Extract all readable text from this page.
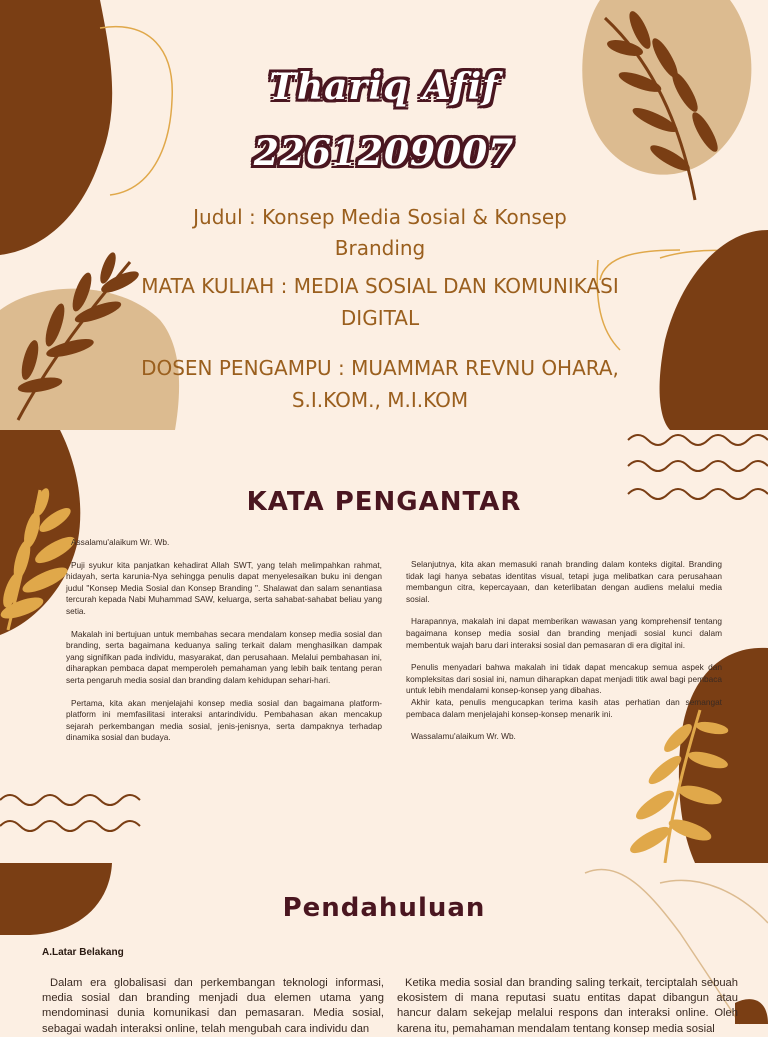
Thariq Afif
2261209007
Judul : Konsep Media Sosial & Konsep Branding
MATA KULIAH : MEDIA SOSIAL DAN KOMUNIKASI DIGITAL
DOSEN PENGAMPU : MUAMMAR REVNU OHARA, S.I.KOM., M.I.KOM
KATA PENGANTAR

Assalamu'alaikum Wr. Wb.

Puji syukur kita panjatkan kehadirat Allah SWT, yang telah melimpahkan rahmat, hidayah, serta karunia-Nya sehingga penulis dapat menyelesaikan buku ini dengan judul "Konsep Media Sosial dan Konsep Branding ". Shalawat dan salam senantiasa tercurah kepada Nabi Muhammad SAW, keluarga, serta sahabat-sahabat beliau yang setia.

Makalah ini bertujuan untuk membahas secara mendalam konsep media sosial dan branding, serta bagaimana keduanya saling terkait dalam menghasilkan dampak yang signifikan pada individu, masyarakat, dan perusahaan. Melalui pembahasan ini, diharapkan pembaca dapat memperoleh pemahaman yang lebih baik tentang peran serta pengaruh media sosial dan branding dalam kehidupan sehari-hari.

Pertama, kita akan menjelajahi konsep media sosial dan bagaimana platform-platform ini memfasilitasi interaksi antarindividu. Pembahasan akan mencakup sejarah perkembangan media sosial, jenis-jenisnya, serta dampaknya terhadap dinamika sosial dan budaya.

Selanjutnya, kita akan memasuki ranah branding dalam konteks digital. Branding tidak lagi hanya sebatas identitas visual, tetapi juga melibatkan cara perusahaan membangun citra, kepercayaan, dan keterlibatan dengan audiens melalui media sosial.

Harapannya, makalah ini dapat memberikan wawasan yang komprehensif tentang bagaimana konsep media sosial dan branding menjadi sosial kunci dalam membentuk wajah baru dari interaksi sosial dan pemasaran di era digital ini.

Penulis menyadari bahwa makalah ini tidak dapat mencakup semua aspek dan kompleksitas dari sosial ini, namun diharapkan dapat menjadi titik awal bagi pembaca untuk lebih mendalami konsep-konsep yang dibahas.

Akhir kata, penulis mengucapkan terima kasih atas perhatian dan semangat pembaca dalam menjelajahi konsep-konsep menarik ini.

Wassalamu'alaikum Wr. Wb.

Pendahuluan
A.Latar Belakang

Dalam era globalisasi dan perkembangan teknologi informasi, media sosial dan branding menjadi dua elemen utama yang mendominasi dunia komunikasi dan pemasaran. Media sosial, sebagai wadah interaksi online, telah mengubah cara individu dan

Ketika media sosial dan branding saling terkait, terciptalah sebuah ekosistem di mana reputasi suatu entitas dapat dibangun atau hancur dalam sekejap melalui respons dan interaksi online. Oleh karena itu, pemahaman mendalam tentang konsep media sosial
